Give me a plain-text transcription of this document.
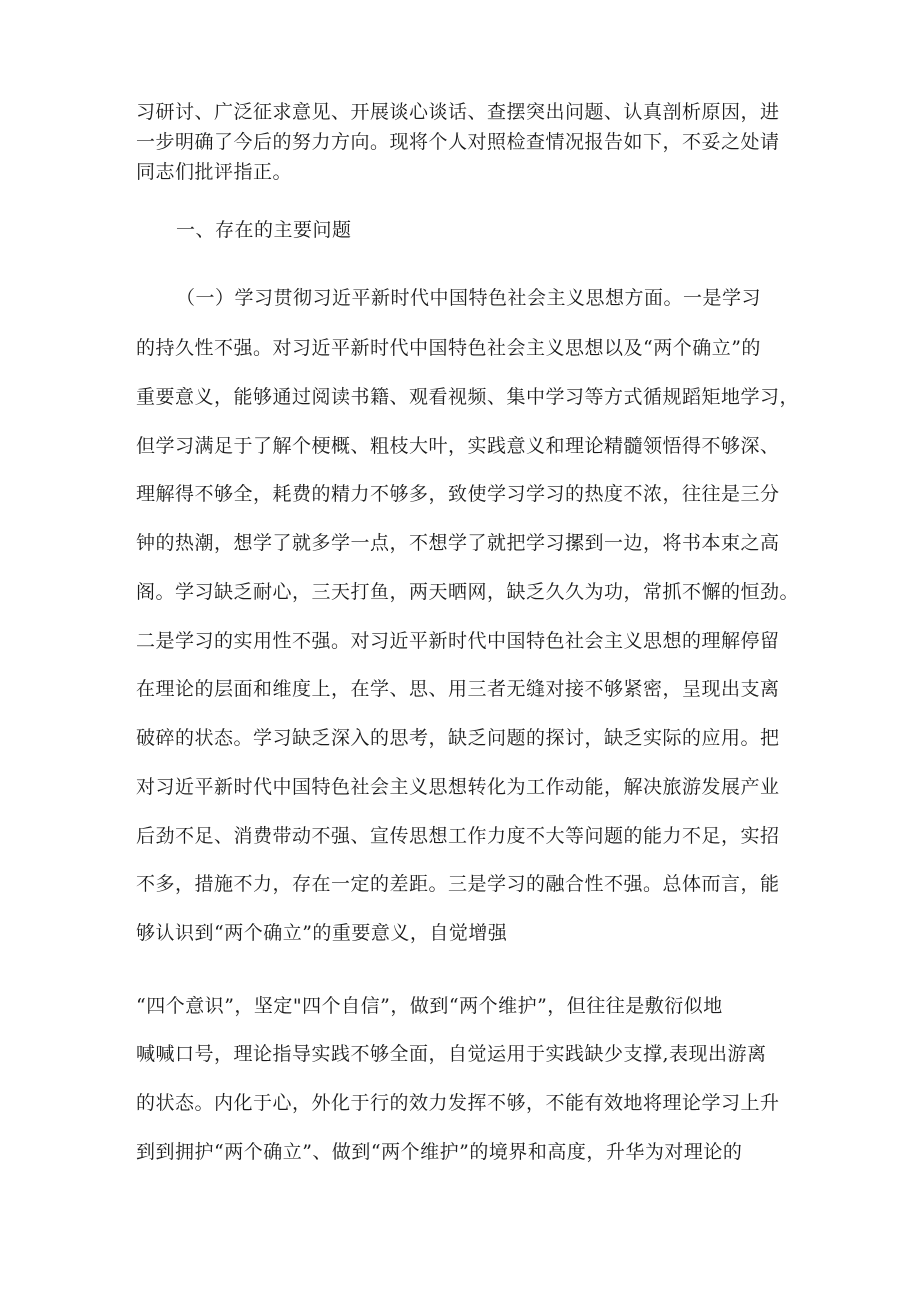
习研讨、广泛征求意见、开展谈心谈话、查摆突出问题、认真剖析原因，进
一步明确了今后的努力方向。现将个人对照检查情况报告如下，不妥之处请
同志们批评指正。
一、存在的主要问题
（一）学习贯彻习近平新时代中国特色社会主义思想方面。一是学习
的持久性不强。对习近平新时代中国特色社会主义思想以及“两个确立”的
重要意义，能够通过阅读书籍、观看视频、集中学习等方式循规蹈矩地学习，
但学习满足于了解个梗概、粗枝大叶，实践意义和理论精髓领悟得不够深、
理解得不够全，耗费的精力不够多，致使学习学习的热度不浓，往往是三分
钟的热潮，想学了就多学一点，不想学了就把学习摞到一边，将书本束之高
阁。学习缺乏耐心，三天打鱼，两天晒网，缺乏久久为功，常抓不懈的恒劲。
二是学习的实用性不强。对习近平新时代中国特色社会主义思想的理解停留
在理论的层面和维度上，在学、思、用三者无缝对接不够紧密，呈现出支离
破碎的状态。学习缺乏深入的思考，缺乏问题的探讨，缺乏实际的应用。把
对习近平新时代中国特色社会主义思想转化为工作动能，解决旅游发展产业
后劲不足、消费带动不强、宣传思想工作力度不大等问题的能力不足，实招
不多，措施不力，存在一定的差距。三是学习的融合性不强。总体而言，能
够认识到“两个确立”的重要意义，自觉增强
“四个意识”，坚定"四个自信”，做到“两个维护”，但往往是敷衍似地
喊喊口号，理论指导实践不够全面，自觉运用于实践缺少支撑,表现出游离
的状态。内化于心，外化于行的效力发挥不够，不能有效地将理论学习上升
到到拥护“两个确立”、做到“两个维护”的境界和高度，升华为对理论的
